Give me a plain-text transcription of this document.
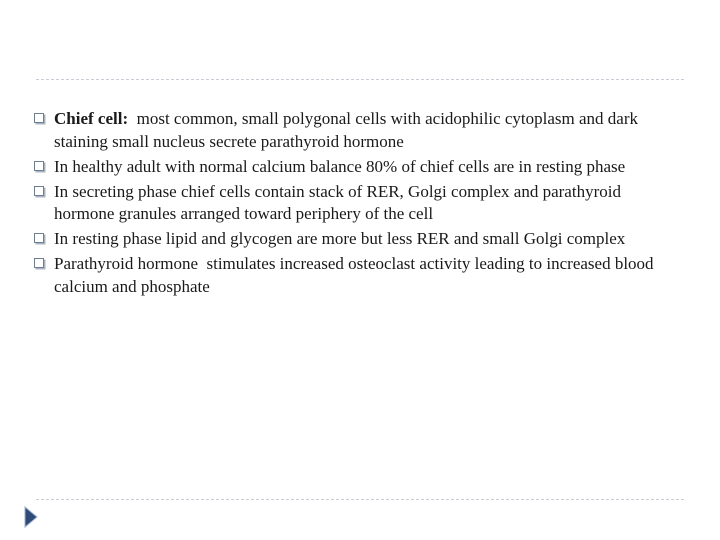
Chief cell:  most common, small polygonal cells with acidophilic cytoplasm and dark staining small nucleus secrete parathyroid hormone
In healthy adult with normal calcium balance 80% of chief cells are in resting phase
In secreting phase chief cells contain stack of RER, Golgi complex and parathyroid hormone granules arranged toward periphery of the cell
In resting phase lipid and glycogen are more but less RER and small Golgi complex
Parathyroid hormone  stimulates increased osteoclast activity leading to increased blood calcium and phosphate
